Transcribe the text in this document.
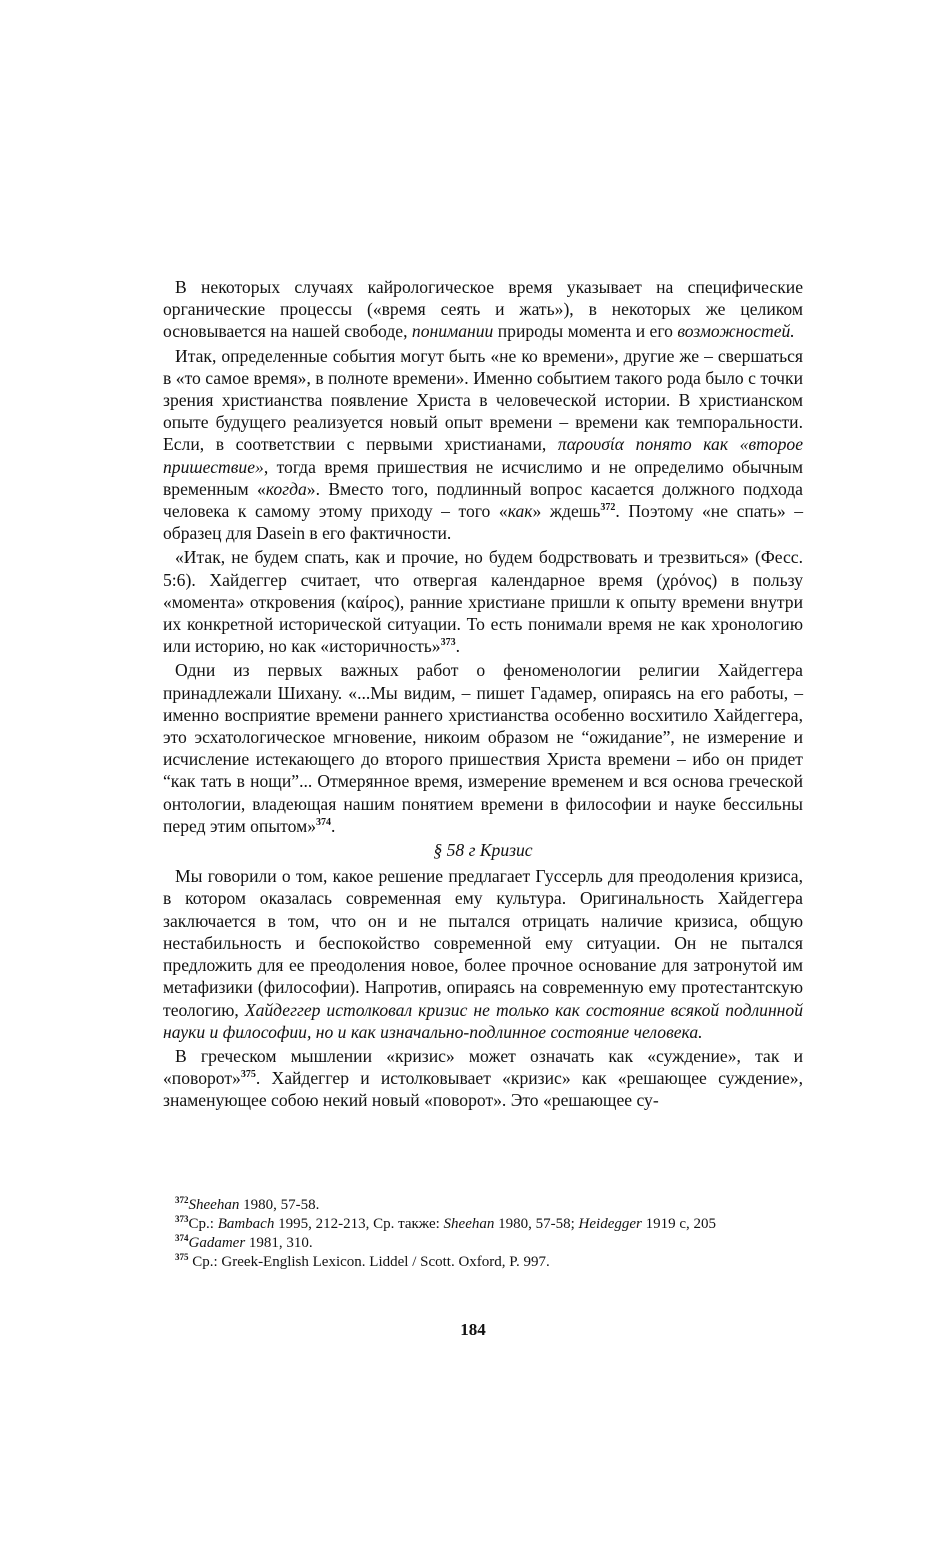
В некоторых случаях кайрологическое время указывает на специфические органические процессы («время сеять и жать»), в некоторых же целиком основывается на нашей свободе, понимании природы момента и его возможностей.

Итак, определенные события могут быть «не ко времени», другие же – свершаться в «то самое время», в полноте времени». Именно событием такого рода было с точки зрения христианства появление Христа в человеческой истории. В христианском опыте будущего реализуется новый опыт времени – времени как темпоральности. Если, в соответствии с первыми христианами, παρουσία понято как «второе пришествие», тогда время пришествия не исчислимо и не определимо обычным временным «когда». Вместо того, подлинный вопрос касается должного подхода человека к самому этому приходу – того «как» ждешь$^{372}$. Поэтому «не спать» – образец для Dasein в его фактичности.

«Итак, не будем спать, как и прочие, но будем бодрствовать и трезвиться» (Фесс. 5:6). Хайдеггер считает, что отвергая календарное время (χρόνος) в пользу «момента» откровения (καίρος), ранние христиане пришли к опыту времени внутри их конкретной исторической ситуации. То есть понимали время не как хронологию или историю, но как «историчность»$^{373}$.

Одни из первых важных работ о феноменологии религии Хайдеггера принадлежали Шихану. «...Мы видим, – пишет Гадамер, опираясь на его работы, – именно восприятие времени раннего христианства особенно восхитило Хайдеггера, это эсхатологическое мгновение, никоим образом не “ожидание”, не измерение и исчисление истекающего до второго пришествия Христа времени – ибо он придет “как тать в нощи”... Отмерянное время, измерение временем и вся основа греческой онтологии, владеющая нашим понятием времени в философии и науке бессильны перед этим опытом»$^{374}$.

§ 58 г Кризис

Мы говорили о том, какое решение предлагает Гуссерль для преодоления кризиса, в котором оказалась современная ему культура. Оригинальность Хайдеггера заключается в том, что он и не пытался отрицать наличие кризиса, общую нестабильность и беспокойство современной ему ситуации. Он не пытался предложить для ее преодоления новое, более прочное основание для затронутой им метафизики (философии). Напротив, опираясь на современную ему протестантскую теологию, Хайдеггер истолковал кризис не только как состояние всякой подлинной науки и философии, но и как изначально-подлинное состояние человека.

В греческом мышлении «кризис» может означать как «суждение», так и «поворот»$^{375}$. Хайдеггер и истолковывает «кризис» как «решающее суждение», знаменующее собою некий новый «поворот». Это «решающее су-

$^{372}$Sheehan 1980, 57-58.

$^{373}$Ср.: Bambach 1995, 212-213, Ср. также: Sheehan 1980, 57-58; Heidegger 1919 с, 205

$^{374}$Gadamer 1981, 310.

$^{375}$ Ср.: Greek-English Lexicon. Liddel / Scott. Oxford, P. 997.

184
